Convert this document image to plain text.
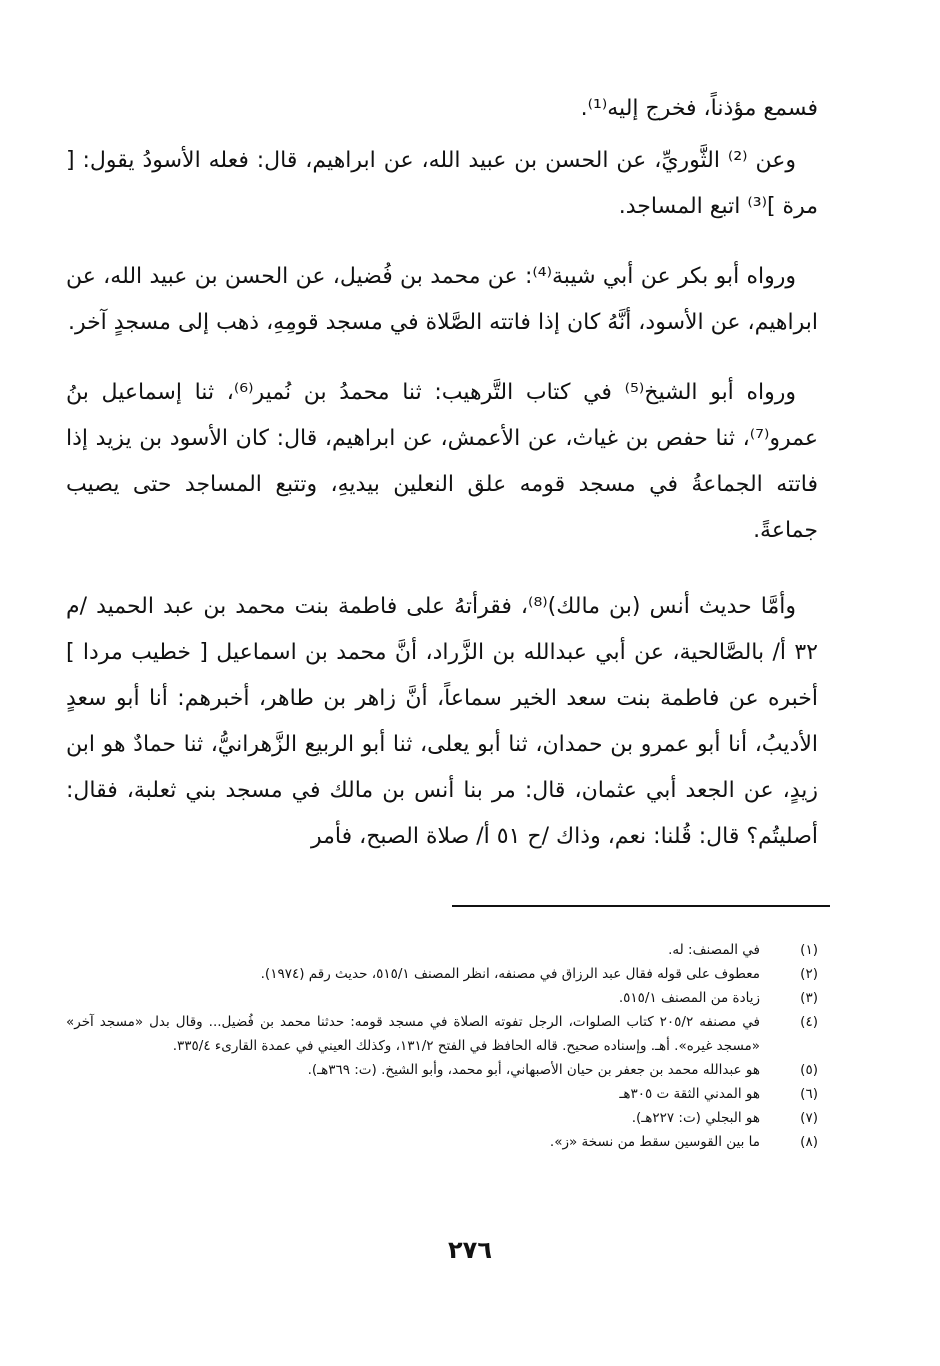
فسمع مؤذناً، فخرج إليه⁽¹⁾.

وعن ⁽²⁾ الثَّوريِّ، عن الحسن بن عبيد الله، عن ابراهيم، قال: فعله الأسودُ يقول: [ مرة ]⁽³⁾ اتبع المساجد.

ورواه أبو بكر عن أبي شيبة⁽⁴⁾: عن محمد بن فُضيل، عن الحسن بن عبيد الله، عن ابراهيم، عن الأسود، أنَّهُ كان إذا فاتته الصَّلاة في مسجد قومِهِ، ذهب إلى مسجدٍ آخر.

ورواه أبو الشيخ⁽⁵⁾ في كتاب التَّرهيب: ثنا محمدُ بن نُمير⁽⁶⁾، ثنا إسماعيل بنُ عمرو⁽⁷⁾، ثنا حفص بن غياث، عن الأعمش، عن ابراهيم، قال: كان الأسود بن يزيد إذا فاتته الجماعةُ في مسجد قومه علق النعلين بيديهِ، وتتبع المساجد حتى يصيب جماعةً.

وأمَّا حديث أنس (بن مالك)⁽⁸⁾، فقرأتهُ على فاطمة بنت محمد بن عبد الحميد /م ٣٢ أ/ بالصَّالحية، عن أبي عبدالله بن الزَّراد، أنَّ محمد بن اسماعيل [ خطيب مردا ] أخبره عن فاطمة بنت سعد الخير سماعاً، أنَّ زاهر بن طاهر، أخبرهم: أنا أبو سعدٍ الأديبُ، أنا أبو عمرو بن حمدان، ثنا أبو يعلى، ثنا أبو الربيع الزَّهرانيُّ، ثنا حمادٌ هو ابن زيدٍ، عن الجعد أبي عثمان، قال: مر بنا أنس بن مالك في مسجد بني ثعلبة، فقال: أصليتُم؟ قال: قُلنا: نعم، وذاك /ح ٥١ أ/ صلاة الصبح، فأمر

(١)
في المصنف: له.
(٢)
معطوف على قوله فقال عبد الرزاق في مصنفه، انظر المصنف ٥١٥/١، حديث رقم (١٩٧٤).
(٣)
زيادة من المصنف ٥١٥/١.
(٤)
في مصنفه ٢٠٥/٢ كتاب الصلوات، الرجل تفوته الصلاة في مسجد قومه: حدثنا محمد بن فُضيل... وقال بدل «مسجد آخر» «مسجد غيره». أهـ. وإسناده صحيح. قاله الحافظ في الفتح ١٣١/٢، وكذلك العيني في عمدة القارىء ٣٣٥/٤.
(٥)
هو عبدالله محمد بن جعفر بن حيان الأصبهاني، أبو محمد، وأبو الشيخ. (ت: ٣٦٩هـ).
(٦)
هو المدني الثقة ت ٣٠٥هـ
(٧)
هو البجلي (ت: ٢٢٧هـ).
(٨)
ما بين القوسين سقط من نسخة «ز».
٢٧٦
